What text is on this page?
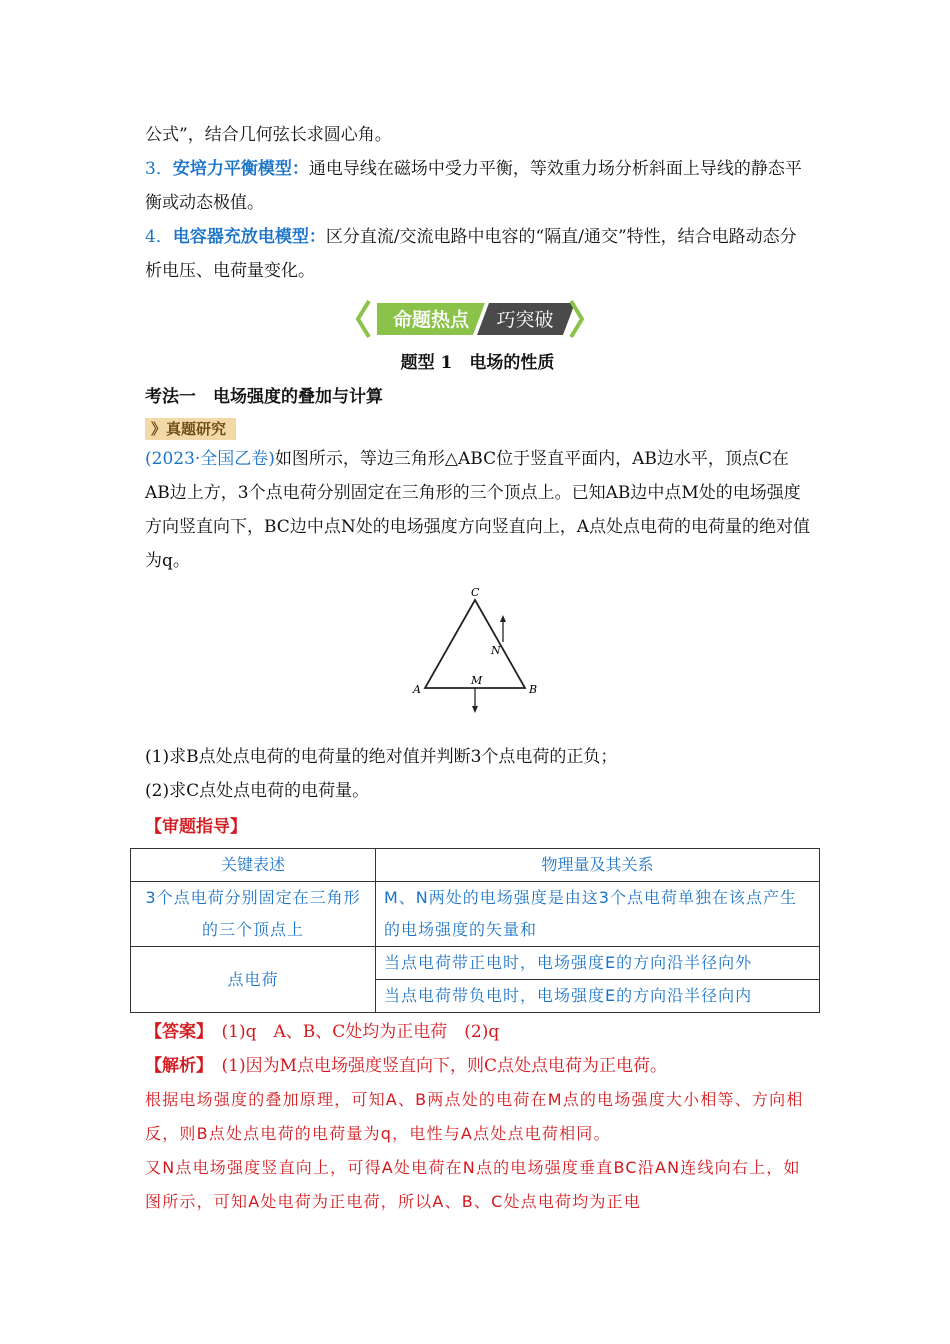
公式”，结合几何弦长求圆心角。

3．安培力平衡模型：通电导线在磁场中受力平衡，等效重力场分析斜面上导线的静态平衡或动态极值。

4．电容器充放电模型：区分直流/交流电路中电容的“隔直/通交”特性，结合电路动态分析电压、电荷量变化。

命题热点 巧突破

题型 1　电场的性质

考法一　电场强度的叠加与计算

》真题研究

(2023·全国乙卷)如图所示，等边三角形△ABC位于竖直平面内，AB边水平，顶点C在AB边上方，3个点电荷分别固定在三角形的三个顶点上。已知AB边中点M处的电场强度方向竖直向下，BC边中点N处的电场强度方向竖直向上，A点处点电荷的电荷量的绝对值为q。

C
A	B
M
N

(1)求B点处点电荷的电荷量的绝对值并判断3个点电荷的正负；

(2)求C点处点电荷的电荷量。

【审题指导】

关键表述	物理量及其关系
3个点电荷分别固定在三角形的三个顶点上	M、N两处的电场强度是由这3个点电荷单独在该点产生的电场强度的矢量和
点电荷	当点电荷带正电时，电场强度E的方向沿半径向外
	当点电荷带负电时，电场强度E的方向沿半径向内

【答案】　(1)q　A、B、C处均为正电荷　(2)q

【解析】　(1)因为M点电场强度竖直向下，则C点处点电荷为正电荷。

根据电场强度的叠加原理，可知A、B两点处的电荷在M点的电场强度大小相等、方向相反，则B点处点电荷的电荷量为q，电性与A点处点电荷相同。

又N点电场强度竖直向上，可得A处电荷在N点的电场强度垂直BC沿AN连线向右上，如图所示，可知A处电荷为正电荷，所以A、B、C处点电荷均为正电
